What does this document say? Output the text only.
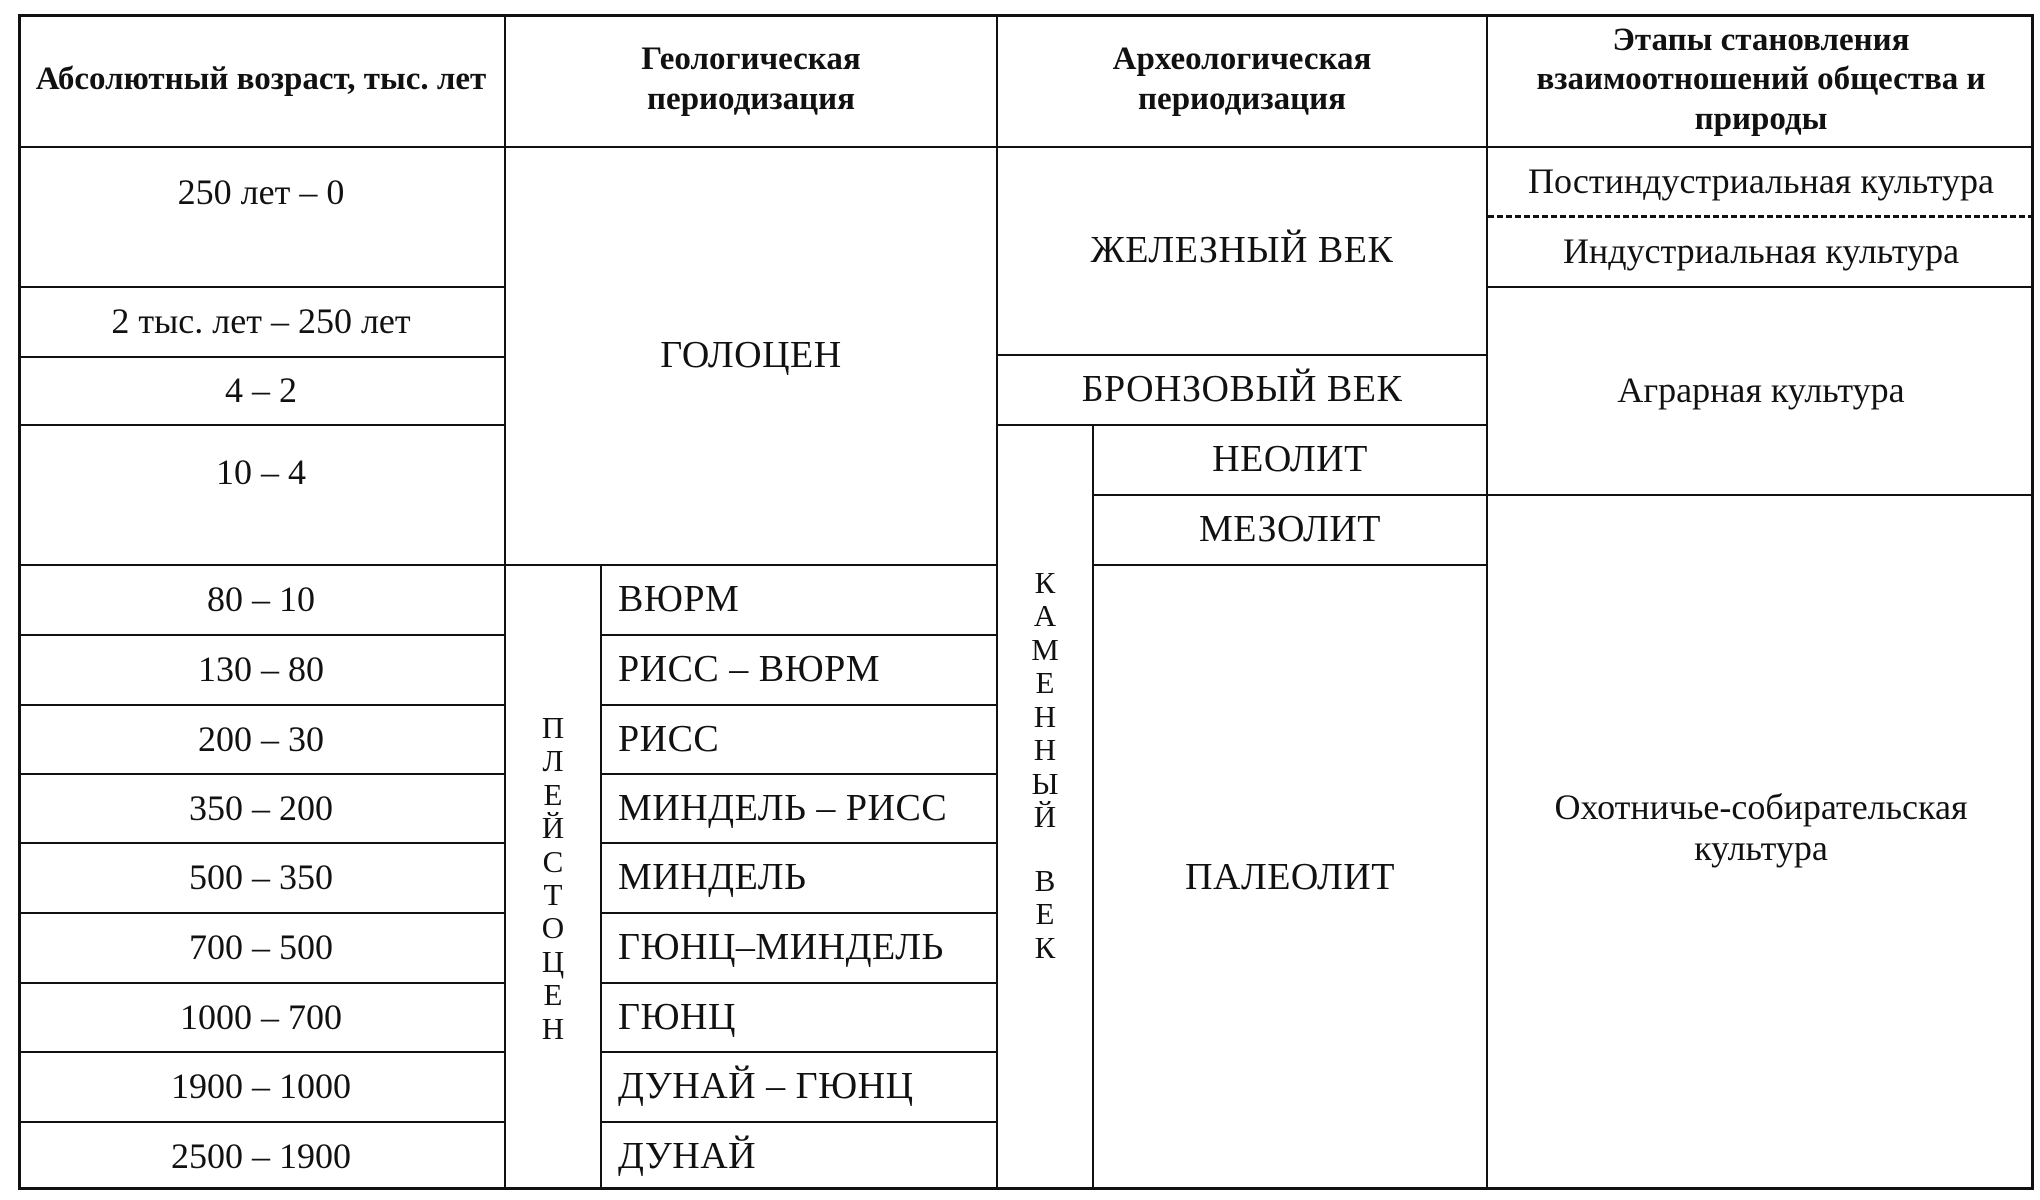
Абсолютный возраст, тыс. лет
Геологическая периодизация
Археологическая периодизация
Этапы становления взаимоотношений общества и природы
250 лет – 0
2 тыс. лет – 250 лет
4 – 2
10 – 4
80 – 10
130 – 80
200 – 30
350 – 200
500 – 350
700 – 500
1000 – 700
1900 – 1000
2500 – 1900
ГОЛОЦЕН
П
Л
Е
Й
С
Т
О
Ц
Е
Н
ВЮРМ
РИСС – ВЮРМ
РИСС
МИНДЕЛЬ – РИСС
МИНДЕЛЬ
ГЮНЦ–МИНДЕЛЬ
ГЮНЦ
ДУНАЙ – ГЮНЦ
ДУНАЙ
ЖЕЛЕЗНЫЙ ВЕК
БРОНЗОВЫЙ ВЕК
К
А
М
Е
Н
Н
Ы
Й
В
Е
К
НЕОЛИТ
МЕЗОЛИТ
ПАЛЕОЛИТ
Постиндустриальная культура
Индустриальная культура
Аграрная культура
Охотничье-собирательская культура
